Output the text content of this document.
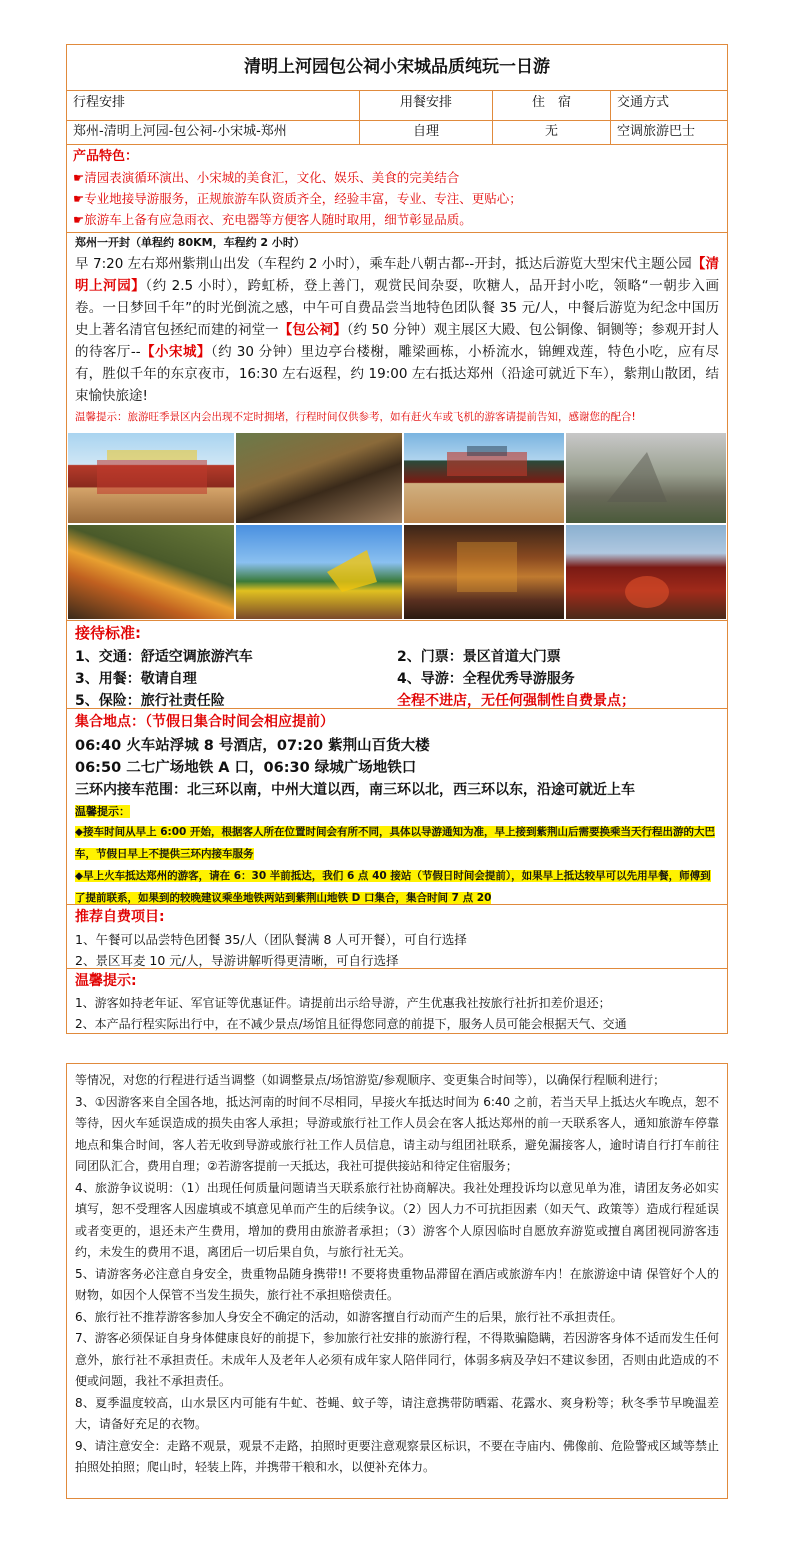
清明上河园包公祠小宋城品质纯玩一日游
行程安排	用餐安排	住　宿	交通方式
郑州-清明上河园-包公祠-小宋城-郑州	自理	无	空调旅游巴士
产品特色：
☛清园表演循环演出、小宋城的美食汇，文化、娱乐、美食的完美结合
☛专业地接导游服务，正规旅游车队资质齐全，经验丰富，专业、专注、更贴心；
☛旅游车上备有应急雨衣、充电器等方便客人随时取用，细节彰显品质。
郑州一开封（单程约 80KM，车程约 2 小时）
早 7:20 左右郑州紫荆山出发（车程约 2 小时），乘车赴八朝古都--开封，抵达后游览大型宋代主题公园【清明上河园】（约 2.5 小时），跨虹桥，登上善门，观赏民间杂耍，吹糖人，品开封小吃，领略“一朝步入画卷。一日梦回千年”的时光倒流之感，中午可自费品尝当地特色团队餐 35 元/人，中餐后游览为纪念中国历史上著名清官包拯纪而建的祠堂一【包公祠】（约 50 分钟）观主展区大殿、包公铜像、铜铡等；参观开封人的待客厅--【小宋城】（约 30 分钟）里边亭台楼榭，雕梁画栋，小桥流水，锦鲤戏莲，特色小吃，应有尽有，胜似千年的东京夜市，16:30 左右返程，约 19:00 左右抵达郑州（沿途可就近下车），紫荆山散团，结束愉快旅途!
温馨提示：旅游旺季景区内会出现不定时拥堵，行程时间仅供参考，如有赶火车或飞机的游客请提前告知，感谢您的配合!
接待标准:
1、交通：舒适空调旅游汽车	2、门票：景区首道大门票
3、用餐：敬请自理	4、导游：全程优秀导游服务
5、保险：旅行社责任险	全程不进店，无任何强制性自费景点；
集合地点：（节假日集合时间会相应提前）
06:40 火车站浮城 8 号酒店，07:20 紫荆山百货大楼
06:50 二七广场地铁 A 口，06:30 绿城广场地铁口
三环内接车范围：北三环以南，中州大道以西，南三环以北，西三环以东，沿途可就近上车
温馨提示：
◆接车时间从早上 6:00 开始，根据客人所在位置时间会有所不同，具体以导游通知为准，早上接到紫荆山后需要换乘当天行程出游的大巴车，节假日早上不提供三环内接车服务
◆早上火车抵达郑州的游客，请在 6：30 半前抵达，我们 6 点 40 接站（节假日时间会提前），如果早上抵达较早可以先用早餐，师傅到了提前联系，如果到的较晚建议乘坐地铁两站到紫荆山地铁 D 口集合，集合时间 7 点 20
推荐自费项目:
1、午餐可以品尝特色团餐 35/人（团队餐满 8 人可开餐），可自行选择
2、景区耳麦 10 元/人，导游讲解听得更清晰，可自行选择
温馨提示:
1、游客如持老年证、军官证等优惠证件。请提前出示给导游，产生优惠我社按旅行社折扣差价退还；
2、本产品行程实际出行中，在不减少景点/场馆且征得您同意的前提下，服务人员可能会根据天气、交通
等情况，对您的行程进行适当调整（如调整景点/场馆游览/参观顺序、变更集合时间等），以确保行程顺利进行；
3、①因游客来自全国各地，抵达河南的时间不尽相同，早接火车抵达时间为 6:40 之前，若当天早上抵达火车晚点，恕不等待，因火车延误造成的损失由客人承担；导游或旅行社工作人员会在客人抵达郑州的前一天联系客人，通知旅游车停靠地点和集合时间，客人若无收到导游或旅行社工作人员信息，请主动与组团社联系，避免漏接客人，逾时请自行打车前往同团队汇合，费用自理；②若游客提前一天抵达，我社可提供接站和待定住宿服务；
4、旅游争议说明：（1）出现任何质量问题请当天联系旅行社协商解决。我社处理投诉均以意见单为准，请团友务必如实填写，恕不受理客人因虚填或不填意见单而产生的后续争议。（2）因人力不可抗拒因素（如天气、政策等）造成行程延误或者变更的，退还未产生费用，增加的费用由旅游者承担；（3）游客个人原因临时自愿放弃游览或擅自离团视同游客违约，未发生的费用不退，离团后一切后果自负，与旅行社无关。
5、请游客务必注意自身安全，贵重物品随身携带!! 不要将贵重物品滞留在酒店或旅游车内！在旅游途中请 保管好个人的财物，如因个人保管不当发生损失，旅行社不承担赔偿责任。
6、旅行社不推荐游客参加人身安全不确定的活动，如游客擅自行动而产生的后果，旅行社不承担责任。
7、游客必须保证自身身体健康良好的前提下，参加旅行社安排的旅游行程，不得欺骗隐瞒，若因游客身体不适而发生任何意外，旅行社不承担责任。未成年人及老年人必须有成年家人陪伴同行，体弱多病及孕妇不建议参团，否则由此造成的不便或问题，我社不承担责任。
8、夏季温度较高，山水景区内可能有牛虻、苍蝇、蚊子等，请注意携带防晒霜、花露水、爽身粉等；秋冬季节早晚温差大，请备好充足的衣物。
9、请注意安全：走路不观景，观景不走路，拍照时更要注意观察景区标识，不要在寺庙内、佛像前、危险警戒区域等禁止拍照处拍照；爬山时，轻装上阵，并携带干粮和水，以便补充体力。
